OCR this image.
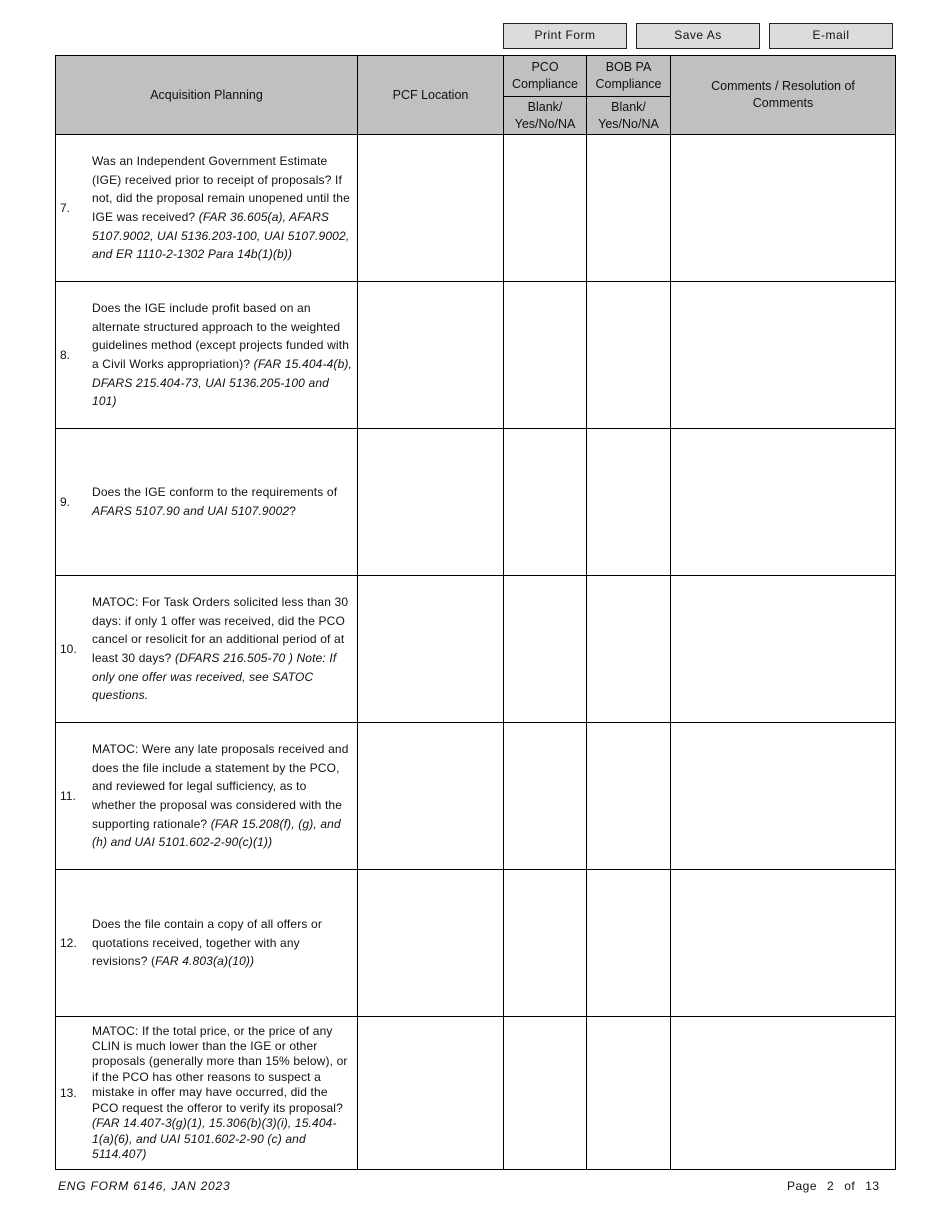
Print Form	Save As	E-mail
Acquisition Planning	PCF Location	PCO Compliance	BOB PA Compliance	Comments / Resolution of Comments
		Blank/ Yes/No/NA	Blank/ Yes/No/NA	

7.
Was an Independent Government Estimate (IGE) received prior to receipt of proposals? If not, did the proposal remain unopened until the IGE was received? (FAR 36.605(a), AFARS 5107.9002, UAI 5136.203-100, UAI 5107.9002, and ER 1110-2-1302 Para 14b(1)(b))				

8.
Does the IGE include profit based on an alternate structured approach to the weighted guidelines method (except projects funded with a Civil Works appropriation)? (FAR 15.404-4(b), DFARS 215.404-73, UAI 5136.205-100 and 101)				

9.
Does the IGE conform to the requirements of AFARS 5107.90 and UAI 5107.9002?				

10.
MATOC: For Task Orders solicited less than 30 days: if only 1 offer was received, did the PCO cancel or resolicit for an additional period of at least 30 days? (DFARS 216.505-70 ) Note: If only one offer was received, see SATOC questions.				

11.
MATOC: Were any late proposals received and does the file include a statement by the PCO, and reviewed for legal sufficiency, as to whether the proposal was considered with the supporting rationale? (FAR 15.208(f), (g), and (h) and UAI 5101.602-2-90(c)(1))				

12.
Does the file contain a copy of all offers or quotations received, together with any revisions? (FAR 4.803(a)(10))				

13.
MATOC: If the total price, or the price of any CLIN is much lower than the IGE or other proposals (generally more than 15% below), or if the PCO has other reasons to suspect a mistake in offer may have occurred, did the PCO request the offeror to verify its proposal? (FAR 14.407-3(g)(1), 15.306(b)(3)(i), 15.404-1(a)(6), and UAI 5101.602-2-90 (c) and 5114.407)				

ENG FORM 6146, JAN 2023	Page 2 of 13
